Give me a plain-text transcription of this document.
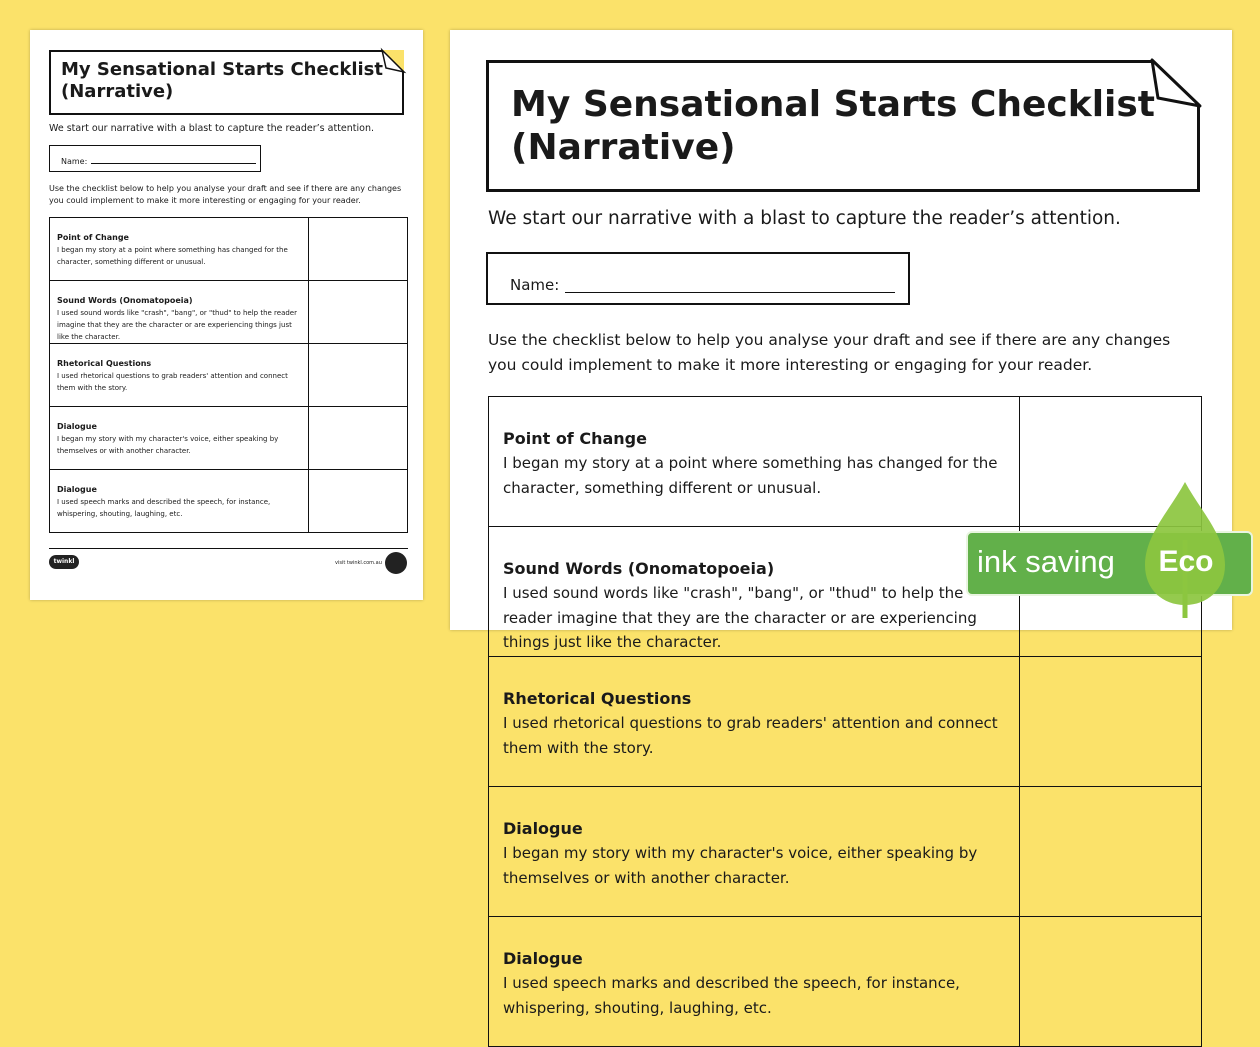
My Sensational Starts Checklist
(Narrative)
We start our narrative with a blast to capture the reader’s attention.
Name:
Use the checklist below to help you analyse your draft and see if there are any changes you could implement to make it more interesting or engaging for your reader.
Point of Change
I began my story at a point where something has changed for the character, something different or unusual.	

Sound Words (Onomatopoeia)
I used sound words like "crash", "bang", or "thud" to help the reader imagine that they are the character or are experiencing things just like the character.	

Rhetorical Questions
I used rhetorical questions to grab readers' attention and connect them with the story.	

Dialogue
I began my story with my character's voice, either speaking by themselves or with another character.	

Dialogue
I used speech marks and described the speech, for instance, whispering, shouting, laughing, etc.	

twinkl	visit twinkl.com.au
My Sensational Starts Checklist
(Narrative)
We start our narrative with a blast to capture the reader’s attention.
Name:
Use the checklist below to help you analyse your draft and see if there are any changes you could implement to make it more interesting or engaging for your reader.
Point of Change
I began my story at a point where something has changed for the character, something different or unusual.	

Sound Words (Onomatopoeia)
I used sound words like "crash", "bang", or "thud" to help the reader imagine that they are the character or are experiencing things just like the character.	

Rhetorical Questions
I used rhetorical questions to grab readers' attention and connect them with the story.	

Dialogue
I began my story with my character's voice, either speaking by themselves or with another character.	

Dialogue
I used speech marks and described the speech, for instance, whispering, shouting, laughing, etc.	

ink saving Eco
